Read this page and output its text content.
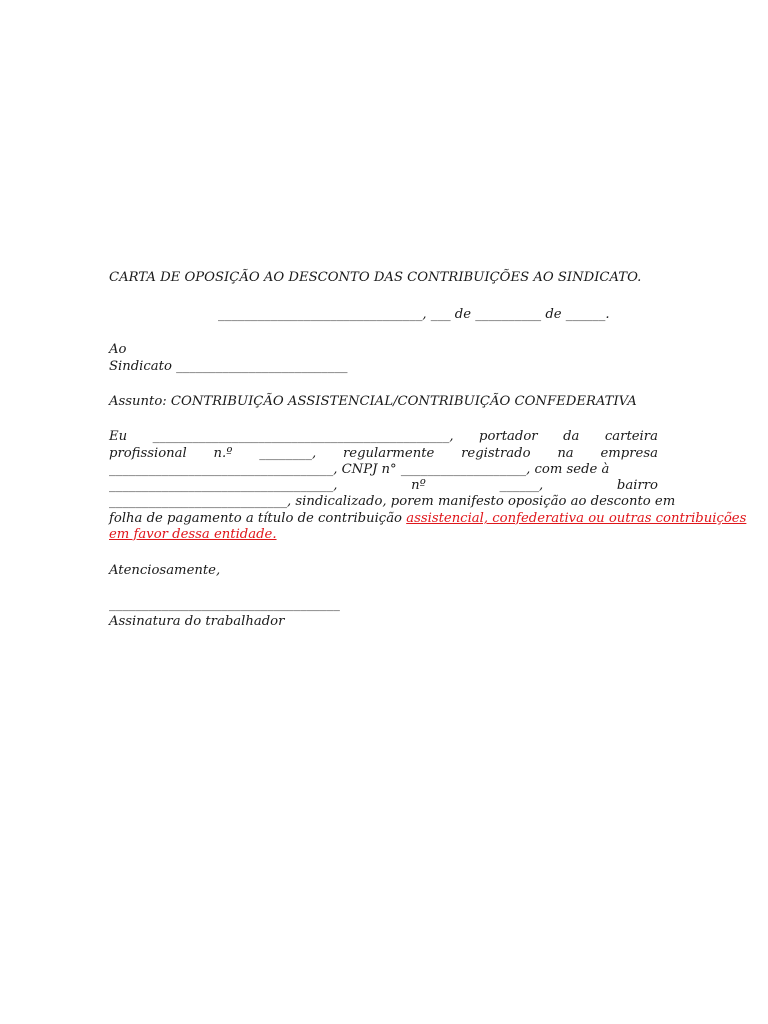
CARTA DE OPOSIÇÃO AO DESCONTO DAS CONTRIBUIÇÕES AO SINDICATO.
_______________________________, ___ de __________ de ______.
Ao
Sindicato __________________________
Assunto: CONTRIBUIÇÃO ASSISTENCIAL/CONTRIBUIÇÃO CONFEDERATIVA
Eu _____________________________________________, portador da carteira
profissional n.º ________, regularmente registrado na empresa
__________________________________, CNPJ n° ___________________, com sede à
__________________________________,	nº	______,	bairro
___________________________, sindicalizado, porem manifesto oposição ao desconto em
folha de pagamento a título de contribuição assistencial, confederativa ou outras contribuições
em favor dessa entidade.
Atenciosamente,
___________________________________
Assinatura do trabalhador
